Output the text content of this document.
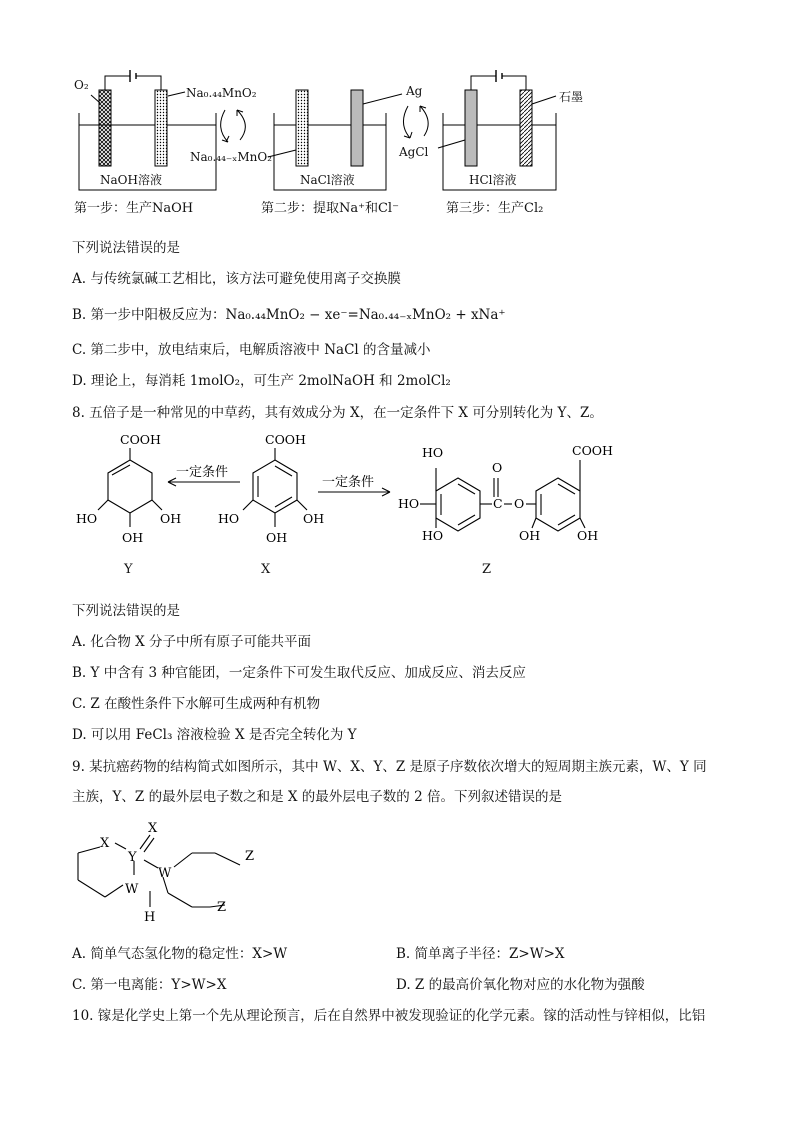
O₂
Na₀.₄₄MnO₂
Na₀.₄₄₋ₓMnO₂
Ag
AgCl
石墨
NaOH溶液	NaCl溶液	HCl溶液
第一步：生产NaOH	第二步：提取Na⁺和Cl⁻	第三步：生产Cl₂
下列说法错误的是
A. 与传统氯碱工艺相比，该方法可避免使用离子交换膜
B. 第一步中阳极反应为：Na₀.₄₄MnO₂ − xe⁻=Na₀.₄₄₋ₓMnO₂ + xNa⁺
C. 第二步中，放电结束后，电解质溶液中 NaCl 的含量减小
D. 理论上，每消耗 1molO₂，可生产 2molNaOH 和 2molCl₂
8. 五倍子是一种常见的中草药，其有效成分为 X，在一定条件下 X 可分别转化为 Y、Z。
COOH
HO	OH
OH
一定条件
COOH
HO	OH
OH
一定条件
HO
HO
HO
O
C O
COOH
OH	OH
Y	X	Z
下列说法错误的是
A. 化合物 X 分子中所有原子可能共平面
B. Y 中含有 3 种官能团，一定条件下可发生取代反应、加成反应、消去反应
C. Z 在酸性条件下水解可生成两种有机物
D. 可以用 FeCl₃ 溶液检验 X 是否完全转化为 Y
9. 某抗癌药物的结构简式如图所示，其中 W、X、Y、Z 是原子序数依次增大的短周期主族元素，W、Y 同
主族，Y、Z 的最外层电子数之和是 X 的最外层电子数的 2 倍。下列叙述错误的是
X
X
Y
W
W
Z
Z
H
A. 简单气态氢化物的稳定性：X>W	B. 简单离子半径：Z>W>X
C. 第一电离能：Y>W>X	D. Z 的最高价氧化物对应的水化物为强酸
10. 镓是化学史上第一个先从理论预言，后在自然界中被发现验证的化学元素。镓的活动性与锌相似，比铝
